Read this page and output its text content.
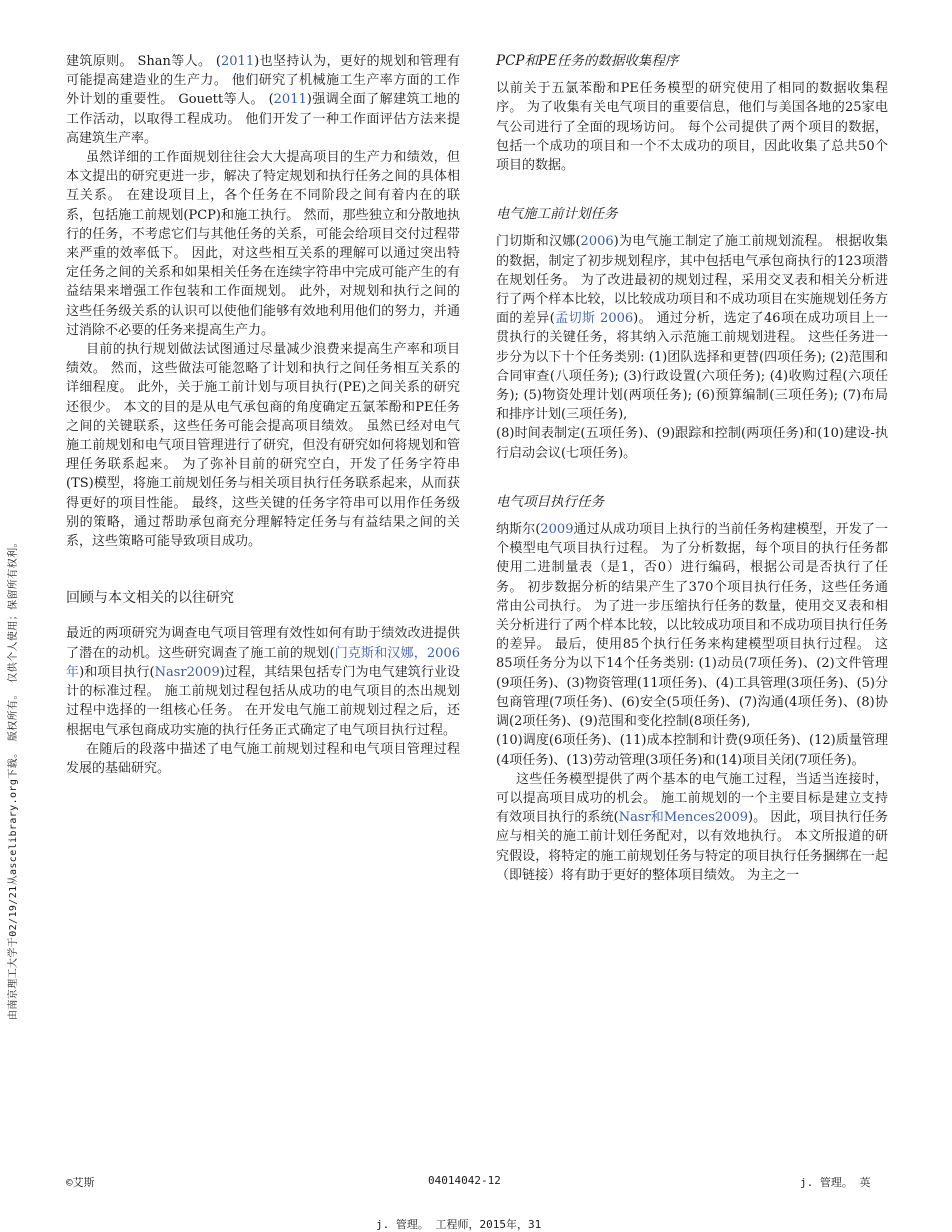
由南京理工大学于02/19/21从ascelibrary.org下载。 版权所有。 仅供个人使用；保留所有权利。

建筑原则。 Shan等人。 (2011)也坚持认为，更好的规划和管理有可能提高建造业的生产力。 他们研究了机械施工生产率方面的工作外计划的重要性。 Gouett等人。 (2011)强调全面了解建筑工地的工作活动，以取得工程成功。 他们开发了一种工作面评估方法来提高建筑生产率。

虽然详细的工作面规划往往会大大提高项目的生产力和绩效，但本文提出的研究更进一步，解决了特定规划和执行任务之间的具体相互关系。 在建设项目上，各个任务在不同阶段之间有着内在的联系，包括施工前规划(PCP)和施工执行。 然而，那些独立和分散地执行的任务，不考虑它们与其他任务的关系，可能会给项目交付过程带来严重的效率低下。 因此，对这些相互关系的理解可以通过突出特定任务之间的关系和如果相关任务在连续字符串中完成可能产生的有益结果来增强工作包装和工作面规划。 此外，对规划和执行之间的这些任务级关系的认识可以使他们能够有效地利用他们的努力，并通过消除不必要的任务来提高生产力。

目前的执行规划做法试图通过尽量减少浪费来提高生产率和项目绩效。 然而，这些做法可能忽略了计划和执行之间任务相互关系的详细程度。 此外，关于施工前计划与项目执行(PE)之间关系的研究还很少。 本文的目的是从电气承包商的角度确定五氯苯酚和PE任务之间的关键联系，这些任务可能会提高项目绩效。 虽然已经对电气施工前规划和电气项目管理进行了研究，但没有研究如何将规划和管理任务联系起来。 为了弥补目前的研究空白，开发了任务字符串(TS)模型，将施工前规划任务与相关项目执行任务联系起来，从而获得更好的项目性能。 最终，这些关键的任务字符串可以用作任务级别的策略，通过帮助承包商充分理解特定任务与有益结果之间的关系，这些策略可能导致项目成功。

回顾与本文相关的以往研究

最近的两项研究为调查电气项目管理有效性如何有助于绩效改进提供了潜在的动机。这些研究调查了施工前的规划(门克斯和汉娜，2006年)和项目执行(Nasr2009)过程，其结果包括专门为电气建筑行业设计的标准过程。 施工前规划过程包括从成功的电气项目的杰出规划过程中选择的一组核心任务。 在开发电气施工前规划过程之后，还根据电气承包商成功实施的执行任务正式确定了电气项目执行过程。

在随后的段落中描述了电气施工前规划过程和电气项目管理过程发展的基础研究。

PCP和PE任务的数据收集程序

以前关于五氯苯酚和PE任务模型的研究使用了相同的数据收集程序。 为了收集有关电气项目的重要信息，他们与美国各地的25家电气公司进行了全面的现场访问。 每个公司提供了两个项目的数据，包括一个成功的项目和一个不太成功的项目，因此收集了总共50个项目的数据。

电气施工前计划任务

门切斯和汉娜(2006)为电气施工制定了施工前规划流程。 根据收集的数据，制定了初步规划程序，其中包括电气承包商执行的123项潜在规划任务。 为了改进最初的规划过程，采用交叉表和相关分析进行了两个样本比较，以比较成功项目和不成功项目在实施规划任务方面的差异(孟切斯 2006)。 通过分析，选定了46项在成功项目上一贯执行的关键任务，将其纳入示范施工前规划进程。 这些任务进一步分为以下十个任务类别: (1)团队选择和更替(四项任务); (2)范围和合同审查(八项任务); (3)行政设置(六项任务); (4)收购过程(六项任务); (5)物资处理计划(两项任务); (6)预算编制(三项任务); (7)布局和排序计划(三项任务),

(8)时间表制定(五项任务)、(9)跟踪和控制(两项任务)和(10)建设-执行启动会议(七项任务)。

电气项目执行任务

纳斯尔(2009通过从成功项目上执行的当前任务构建模型，开发了一个模型电气项目执行过程。 为了分析数据，每个项目的执行任务都使用二进制量表（是1，否0）进行编码，根据公司是否执行了任务。 初步数据分析的结果产生了370个项目执行任务，这些任务通常由公司执行。 为了进一步压缩执行任务的数量，使用交叉表和相关分析进行了两个样本比较，以比较成功项目和不成功项目执行任务的差异。 最后，使用85个执行任务来构建模型项目执行过程。 这85项任务分为以下14个任务类别: (1)动员(7项任务)、(2)文件管理(9项任务)、(3)物资管理(11项任务)、(4)工具管理(3项任务)、(5)分包商管理(7项任务)、(6)安全(5项任务)、(7)沟通(4项任务)、(8)协调(2项任务)、(9)范围和变化控制(8项任务),

(10)调度(6项任务)、(11)成本控制和计费(9项任务)、(12)质量管理(4项任务)、(13)劳动管理(3项任务)和(14)项目关闭(7项任务)。

这些任务模型提供了两个基本的电气施工过程，当适当连接时，可以提高项目成功的机会。 施工前规划的一个主要目标是建立支持有效项目执行的系统(Nasr和Mences2009)。 因此，项目执行任务应与相关的施工前计划任务配对，以有效地执行。 本文所报道的研究假设，将特定的施工前规划任务与特定的项目执行任务捆绑在一起（即链接）将有助于更好的整体项目绩效。 为主之一

©艾斯	04014042-12	j. 管理。 英
j. 管理。 工程师，2015年，31
